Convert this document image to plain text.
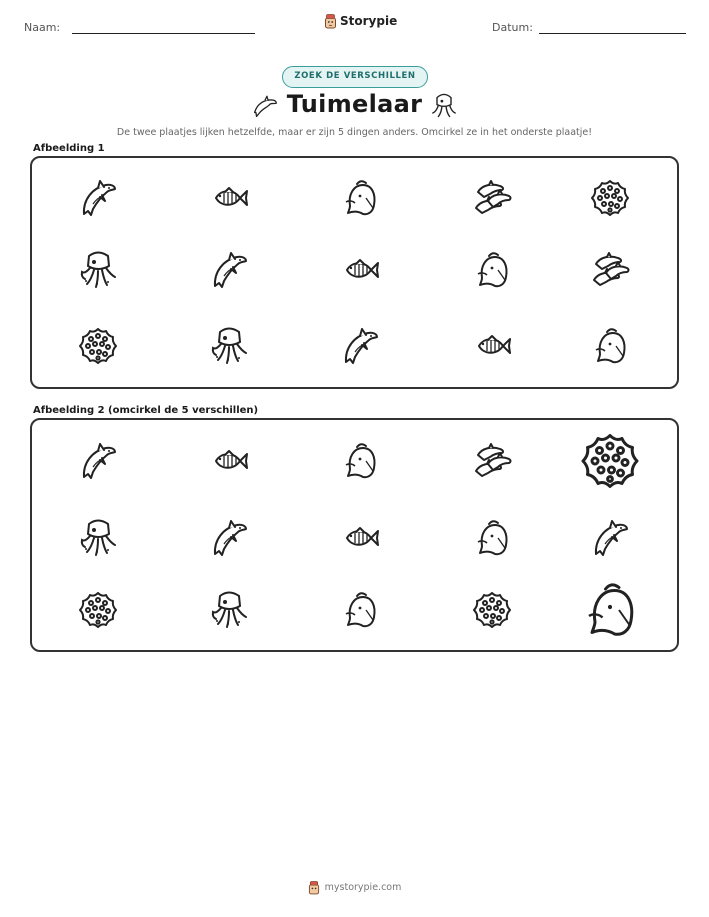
Naam:	Storypie	Datum:
ZOEK DE VERSCHILLEN
Tuimelaar
De twee plaatjes lijken hetzelfde, maar er zijn 5 dingen anders. Omcirkel ze in het onderste plaatje!
Afbeelding 1
Afbeelding 2 (omcirkel de 5 verschillen)
mystorypie.com
